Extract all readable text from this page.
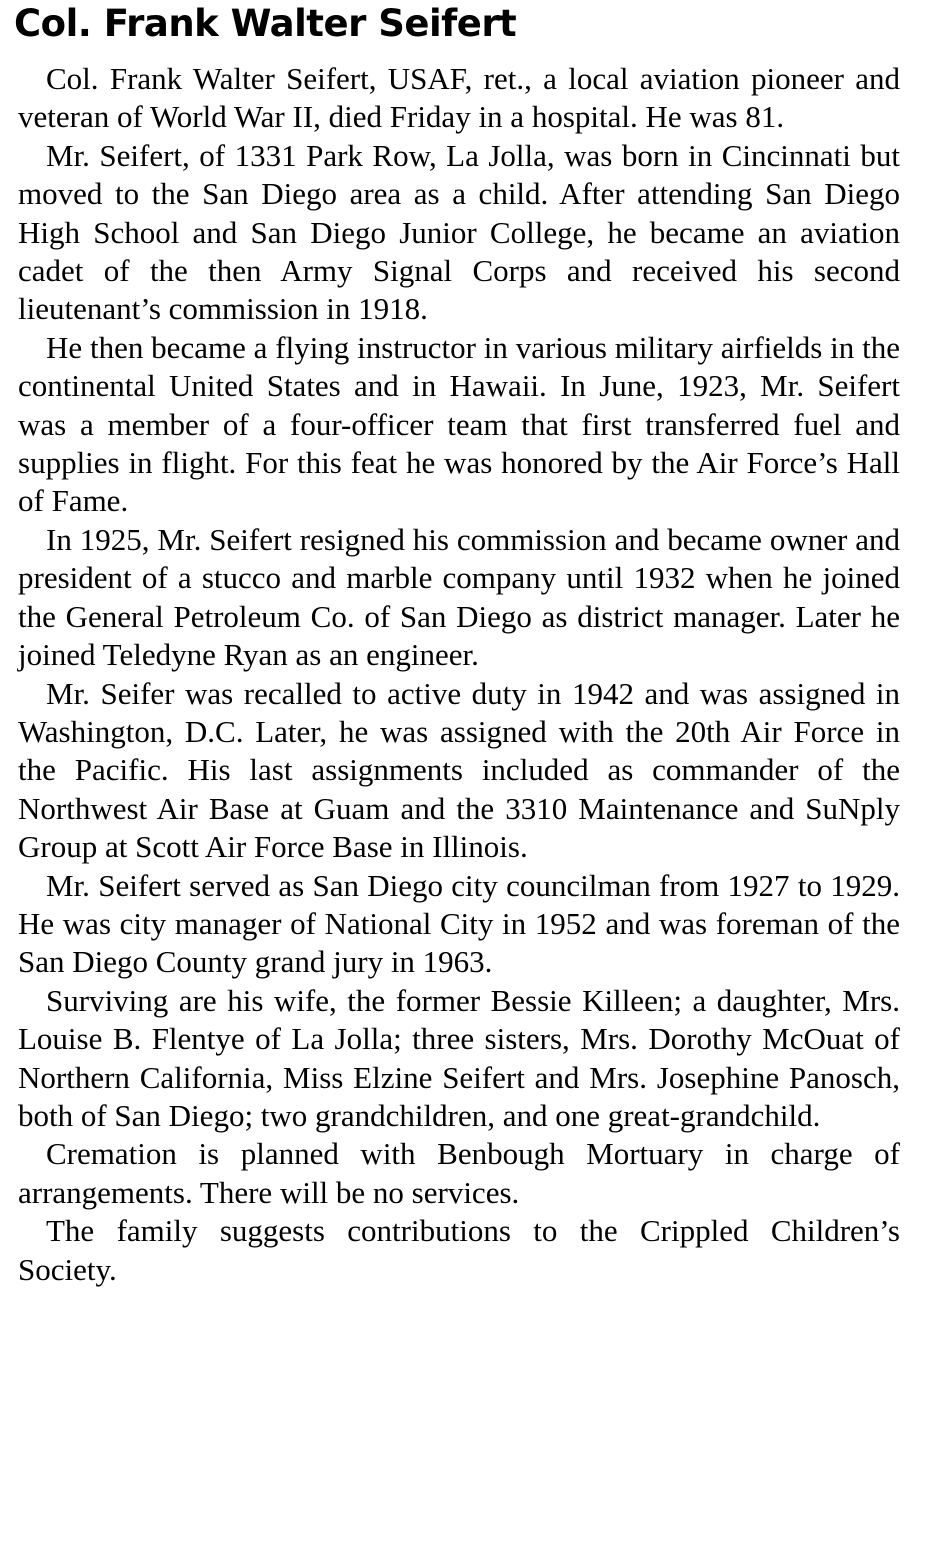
Col. Frank Walter Seifert

Col. Frank Walter Seifert, USAF, ret., a local aviation pioneer and veteran of World War II, died Friday in a hospital. He was 81.

Mr. Seifert, of 1331 Park Row, La Jolla, was born in Cincinnati but moved to the San Diego area as a child. After attending San Diego High School and San Diego Junior College, he became an aviation cadet of the then Army Signal Corps and received his second lieutenant’s commission in 1918.

He then became a flying instructor in various military airfields in the continental United States and in Hawaii. In June, 1923, Mr. Seifert was a member of a four-officer team that first transferred fuel and supplies in flight. For this feat he was honored by the Air Force’s Hall of Fame.

In 1925, Mr. Seifert resigned his commission and became owner and president of a stucco and marble company until 1932 when he joined the General Petroleum Co. of San Diego as district manager. Later he joined Teledyne Ryan as an engineer.

Mr. Seifer was recalled to active duty in 1942 and was assigned in Washington, D.C. Later, he was assigned with the 20th Air Force in the Pacific. His last assignments included as commander of the Northwest Air Base at Guam and the 3310 Maintenance and SuNply Group at Scott Air Force Base in Illinois.

Mr. Seifert served as San Diego city councilman from 1927 to 1929. He was city manager of National City in 1952 and was foreman of the San Diego County grand jury in 1963.

Surviving are his wife, the former Bessie Killeen; a daughter, Mrs. Louise B. Flentye of La Jolla; three sisters, Mrs. Dorothy McOuat of Northern California, Miss Elzine Seifert and Mrs. Josephine Panosch, both of San Diego; two grandchildren, and one great-grandchild.

Cremation is planned with Benbough Mortuary in charge of arrangements. There will be no services.

The family suggests contributions to the Crippled Children’s Society.
